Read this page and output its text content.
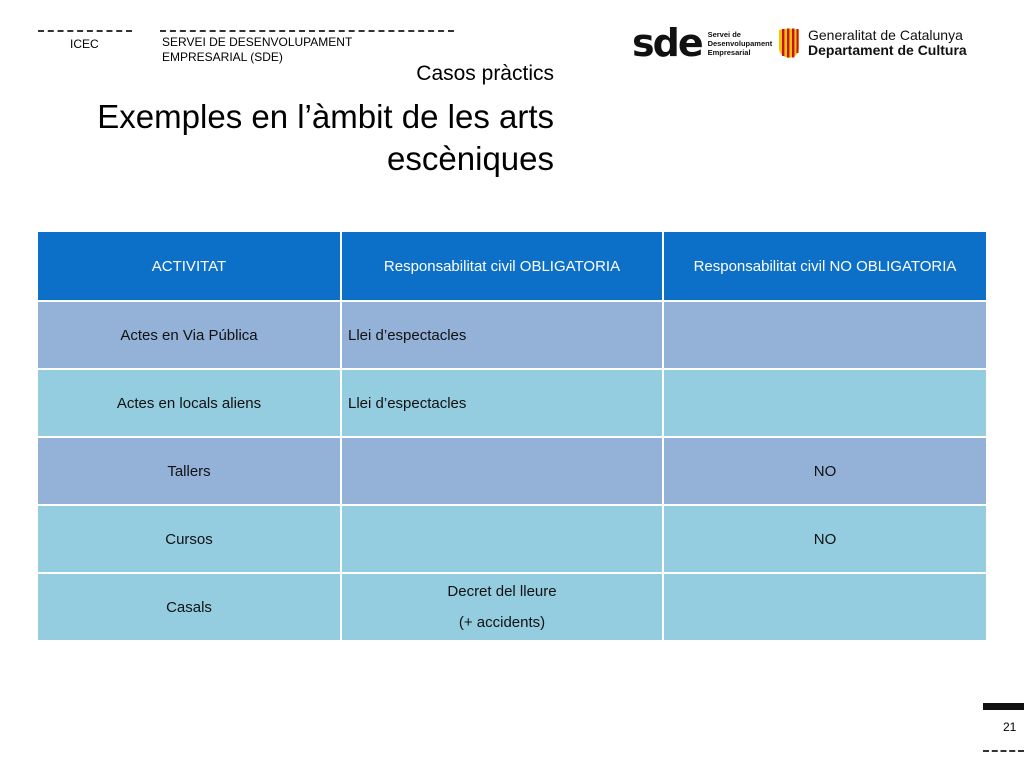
ICEC	SERVEI DE DESENVOLUPAMENT EMPRESARIAL (SDE)
Casos pràctics
Exemples en l’àmbit de les arts escèniques
sde Servei de
Desenvolupament
Empresarial
Generalitat de Catalunya
Departament de Cultura
ACTIVITAT	Responsabilitat civil OBLIGATORIA	Responsabilitat civil NO OBLIGATORIA
Actes en Via Pública	Llei d’espectacles	
Actes en locals aliens	Llei d’espectacles	
Tallers		NO
Cursos		NO
Casals	Decret del lleure
(+ accidents)	

21
